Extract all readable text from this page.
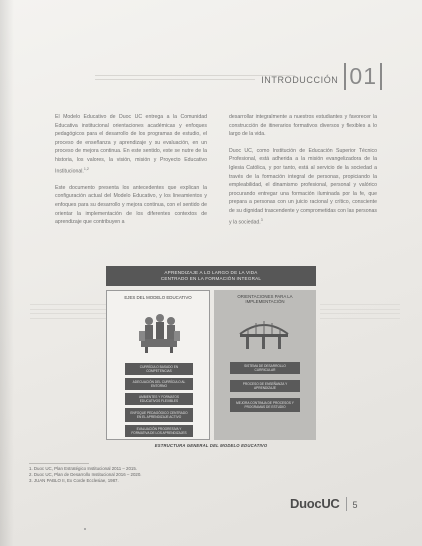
INTRODUCCIÓN 01

El Modelo Educativo de Duoc UC entrega a la Comunidad Educativa institucional orientaciones académicas y enfoques pedagógicos para el desarrollo de los programas de estudio, el proceso de enseñanza y aprendizaje y su evaluación, en un proceso de mejora continua. En este sentido, este se nutre de la historia, los valores, la visión, misión y Proyecto Educativo Institucional.$^{1,2}$

Este documento presenta los antecedentes que explican la configuración actual del Modelo Educativo, y los lineamientos y enfoques para su desarrollo y mejora continua, con el sentido de orientar la implementación de los diferentes contextos de aprendizaje que contribuyen a

desarrollar integralmente a nuestros estudiantes y favorecer la construcción de itinerarios formativos diversos y flexibles a lo largo de la vida.

Duoc UC, como Institución de Educación Superior Técnico Profesional, está adherida a la misión evangelizadora de la Iglesia Católica, y por tanto, está al servicio de la sociedad a través de la formación integral de personas, propiciando la empleabilidad, el dinamismo profesional, personal y valórico procurando entregar una formación iluminada por la fe, que prepara a personas con un juicio racional y crítico, consciente de su dignidad trascendente y comprometidas con las personas y la sociedad.$^3$

APRENDIZAJE A LO LARGO DE LA VIDA
CENTRADO EN LA FORMACIÓN INTEGRAL
EJES DEL MODELO EDUCATIVO
CURRÍCULO BASADO EN COMPETENCIAS
ADECUACIÓN DEL CURRÍCULO AL ENTORNO
AMBIENTES Y FORMATOS EDUCATIVOS FLEXIBLES
ENFOQUE PEDAGÓGICO CENTRADO EN EL APRENDIZAJE ACTIVO
EVALUACIÓN PROGRESIVA Y FORMATIVA DE LOS APRENDIZAJES
ORIENTACIONES PARA LA
IMPLEMENTACIÓN
SISTEMA DE DESARROLLO CURRICULAR
PROCESO DE ENSEÑANZA Y APRENDIZAJE
MEJORA CONTINUA DE PROCESOS Y PROGRAMAS DE ESTUDIO
ESTRUCTURA GENERAL DEL MODELO EDUCATIVO
1. Duoc UC, Plan Estratégico Institucional 2011 – 2015.
2. Duoc UC, Plan de Desarrollo Institucional 2016 – 2020.
3. JUAN PABLO II, Ex Corde Ecclesiae, 1987.
DuocUC 5
